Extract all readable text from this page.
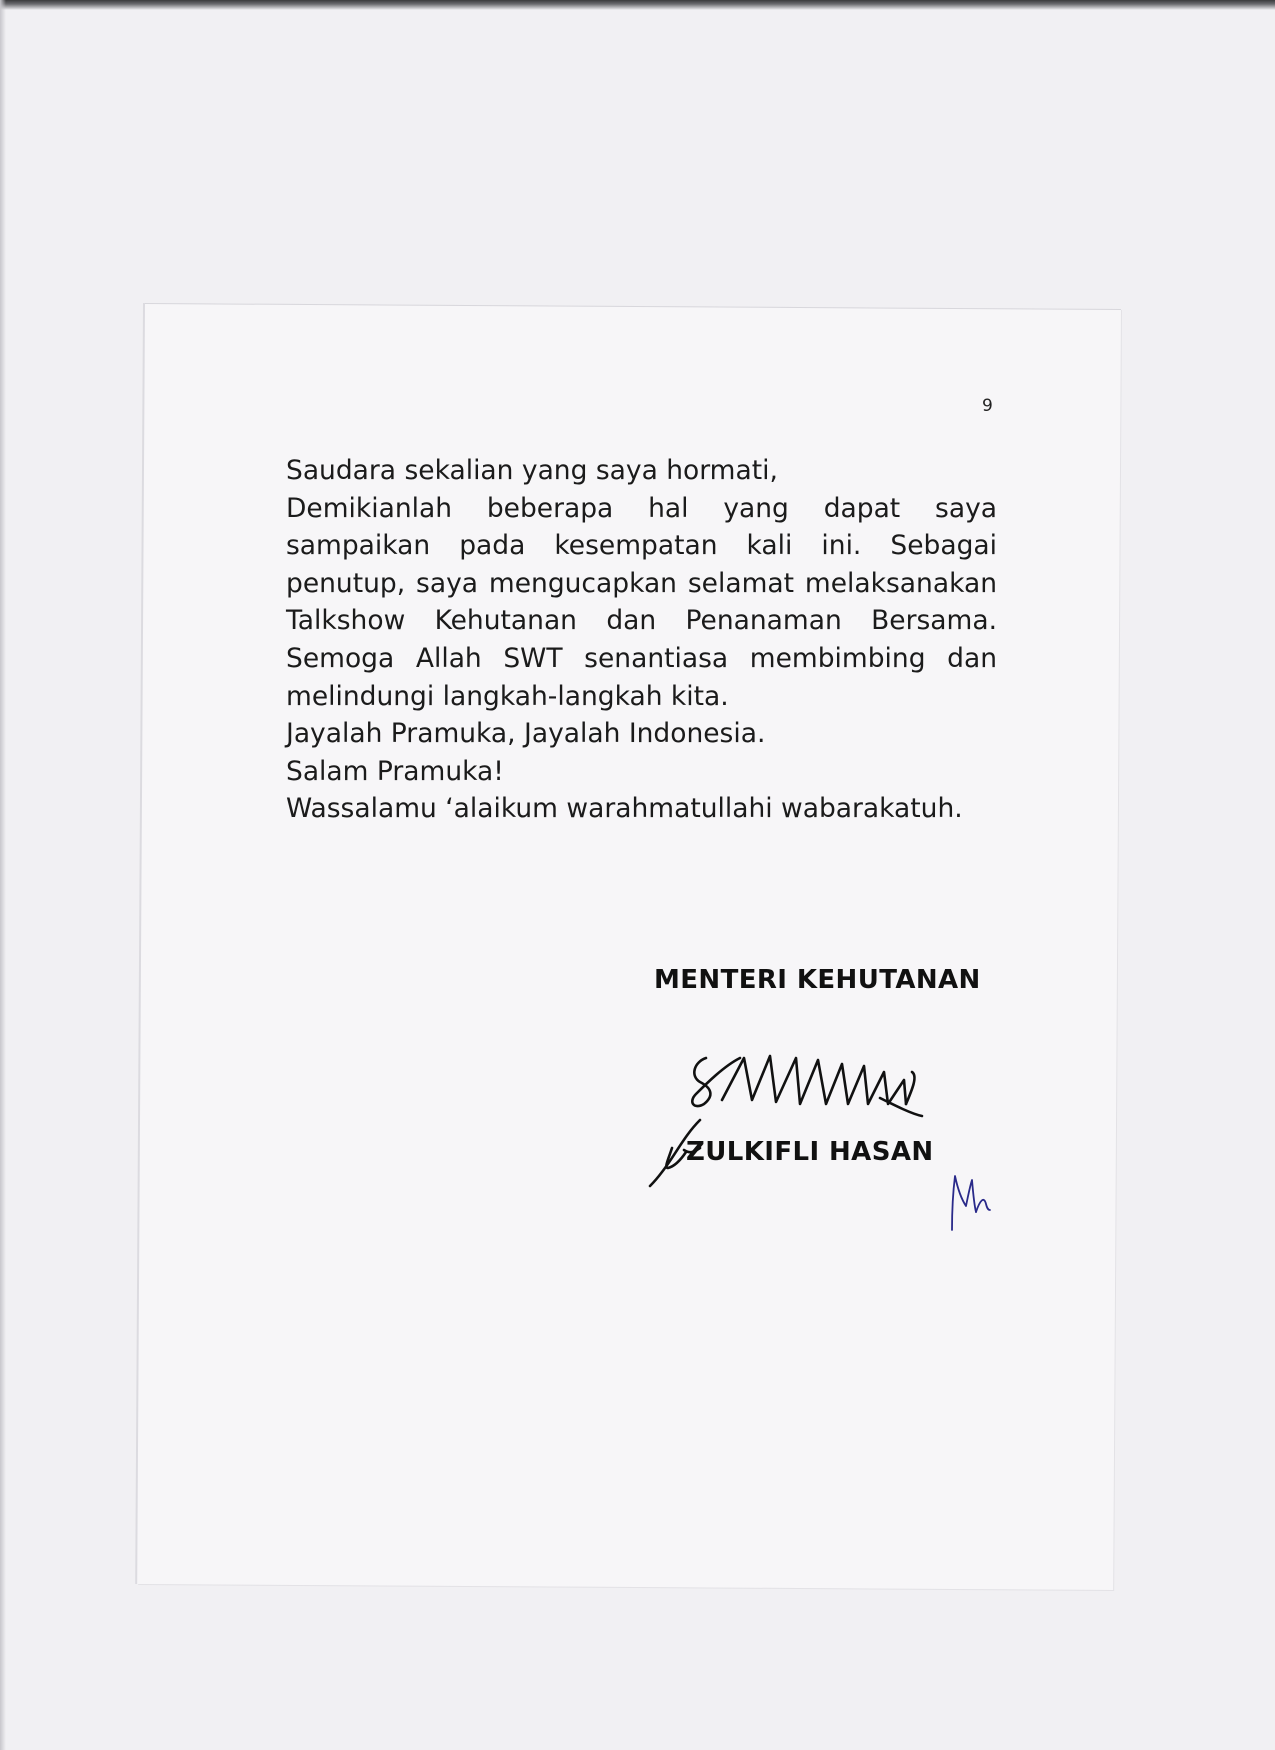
9

Saudara sekalian yang saya hormati,

Demikianlah beberapa hal yang dapat saya sampaikan pada kesempatan kali ini. Sebagai penutup, saya mengucapkan selamat melaksanakan Talkshow Kehutanan dan Penanaman Bersama. Semoga Allah SWT senantiasa membimbing dan melindungi langkah-langkah kita.

Jayalah Pramuka, Jayalah Indonesia.

Salam Pramuka!

Wassalamu ‘alaikum warahmatullahi wabarakatuh.

MENTERI KEHUTANAN
ZULKIFLI HASAN
